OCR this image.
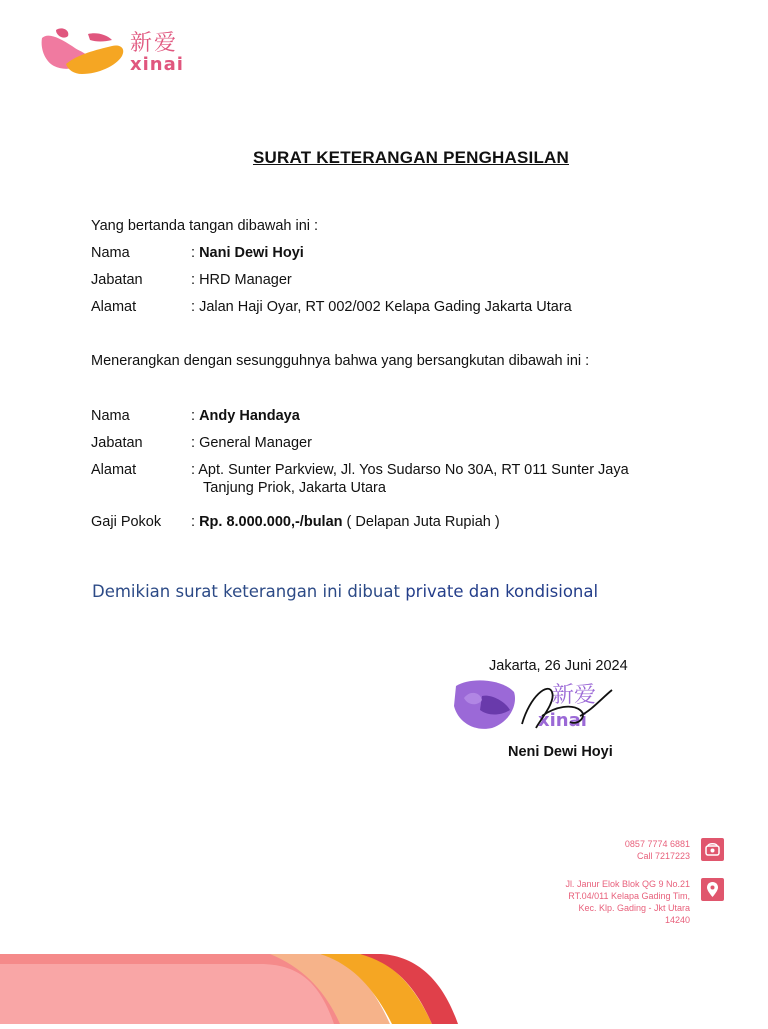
新爱
xinai
SURAT KETERANGAN PENGHASILAN
Yang bertanda tangan dibawah ini :
Nama	: Nani Dewi Hoyi
Jabatan	: HRD Manager
Alamat	: Jalan Haji Oyar, RT 002/002 Kelapa Gading Jakarta Utara
Menerangkan dengan sesungguhnya bahwa yang bersangkutan dibawah ini :
Nama	: Andy Handaya
Jabatan	: General Manager
Alamat	: Apt. Sunter Parkview, Jl. Yos Sudarso No 30A, RT 011 Sunter Jaya
Tanjung Priok, Jakarta Utara
Gaji Pokok : Rp. 8.000.000,-/bulan ( Delapan Juta Rupiah )
Demikian surat keterangan ini dibuat private dan kondisional
Jakarta, 26 Juni 2024
新爱
xinai
Neni Dewi Hoyi
0857 7774 6881
Call 7217223
Jl. Janur Elok Blok QG 9 No.21
RT.04/011 Kelapa Gading Tim,
Kec. Klp. Gading - Jkt Utara
14240
